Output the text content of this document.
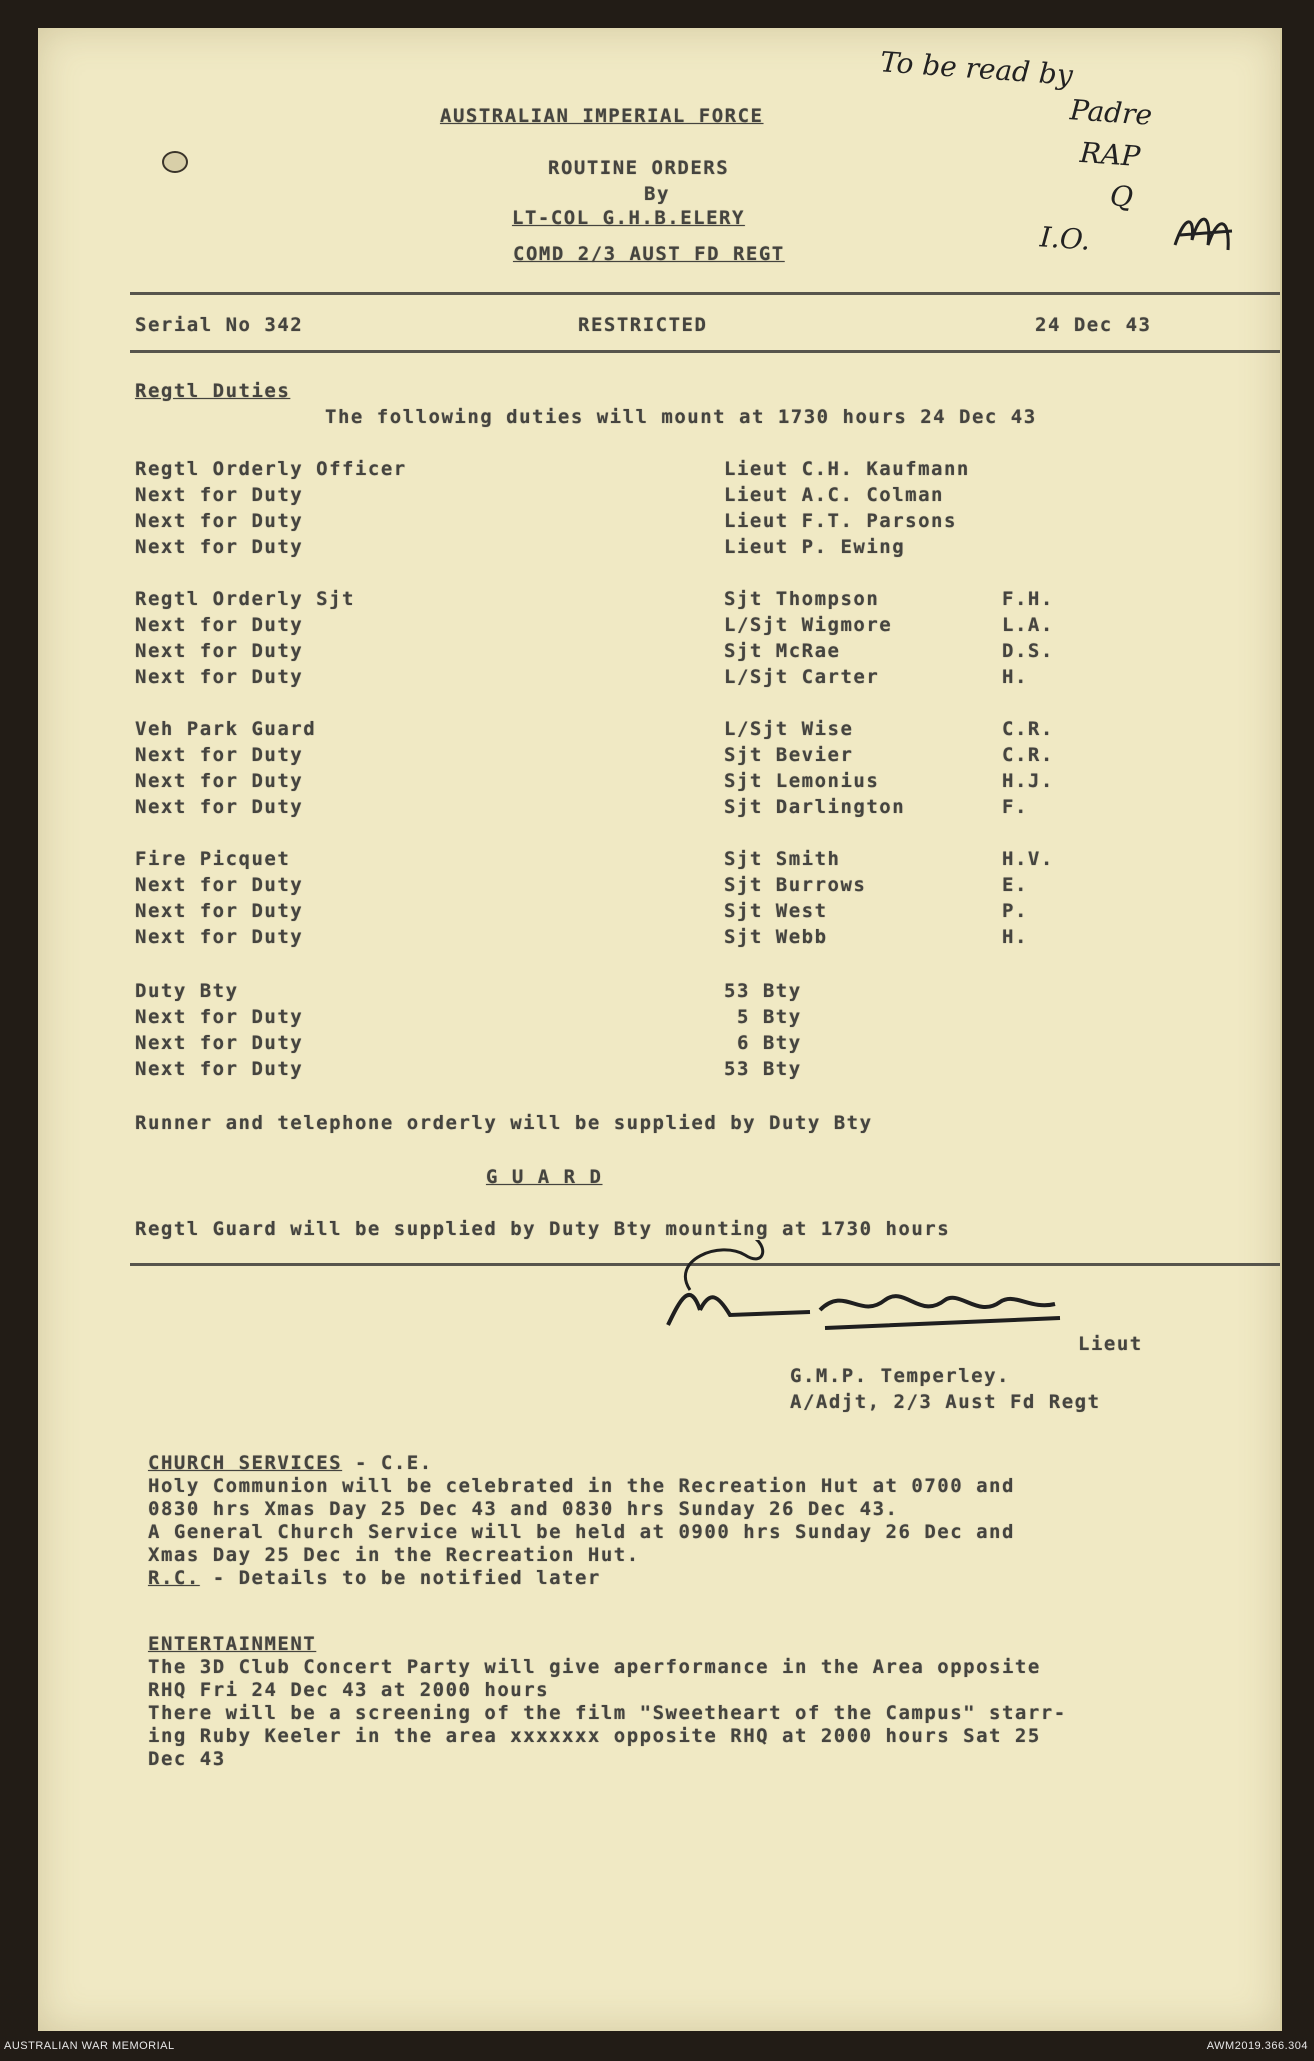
AUSTRALIAN IMPERIAL FORCE
ROUTINE ORDERS
By
LT-COL G.H.B.ELERY
COMD 2/3 AUST FD REGT
To be read by
Padre
RAP
Q
I.O.
Serial No 342	RESTRICTED	24 Dec 43
Regtl Duties
The following duties will mount at 1730 hours 24 Dec 43
Regtl Orderly Officer	Lieut C.H. Kaufmann
Next for Duty	Lieut A.C. Colman
Next for Duty	Lieut F.T. Parsons
Next for Duty	Lieut P. Ewing
Regtl Orderly Sjt	Sjt Thompson	F.H.
Next for Duty	L/Sjt Wigmore	L.A.
Next for Duty	Sjt McRae	D.S.
Next for Duty	L/Sjt Carter	H.
Veh Park Guard	L/Sjt Wise	C.R.
Next for Duty	Sjt Bevier	C.R.
Next for Duty	Sjt Lemonius	H.J.
Next for Duty	Sjt Darlington	F.
Fire Picquet	Sjt Smith	H.V.
Next for Duty	Sjt Burrows	E.
Next for Duty	Sjt West	P.
Next for Duty	Sjt Webb	H.
Duty Bty	53 Bty
Next for Duty	5 Bty
Next for Duty	6 Bty
Next for Duty	53 Bty
Runner and telephone orderly will be supplied by Duty Bty
G U A R D
Regtl Guard will be supplied by Duty Bty mounting at 1730 hours
Lieut
G.M.P. Temperley.
A/Adjt, 2/3 Aust Fd Regt
CHURCH SERVICES - C.E.
Holy Communion will be celebrated in the Recreation Hut at 0700 and
0830 hrs Xmas Day 25 Dec 43 and 0830 hrs Sunday 26 Dec 43.
A General Church Service will be held at 0900 hrs Sunday 26 Dec and
Xmas Day 25 Dec in the Recreation Hut.
R.C. - Details to be notified later
ENTERTAINMENT
The 3D Club Concert Party will give aperformance in the Area opposite
RHQ Fri 24 Dec 43 at 2000 hours
There will be a screening of the film "Sweetheart of the Campus" starr-
ing Ruby Keeler in the area xxxxxxx opposite RHQ at 2000 hours Sat 25
Dec 43
AUSTRALIAN WAR MEMORIAL	AWM2019.366.304
